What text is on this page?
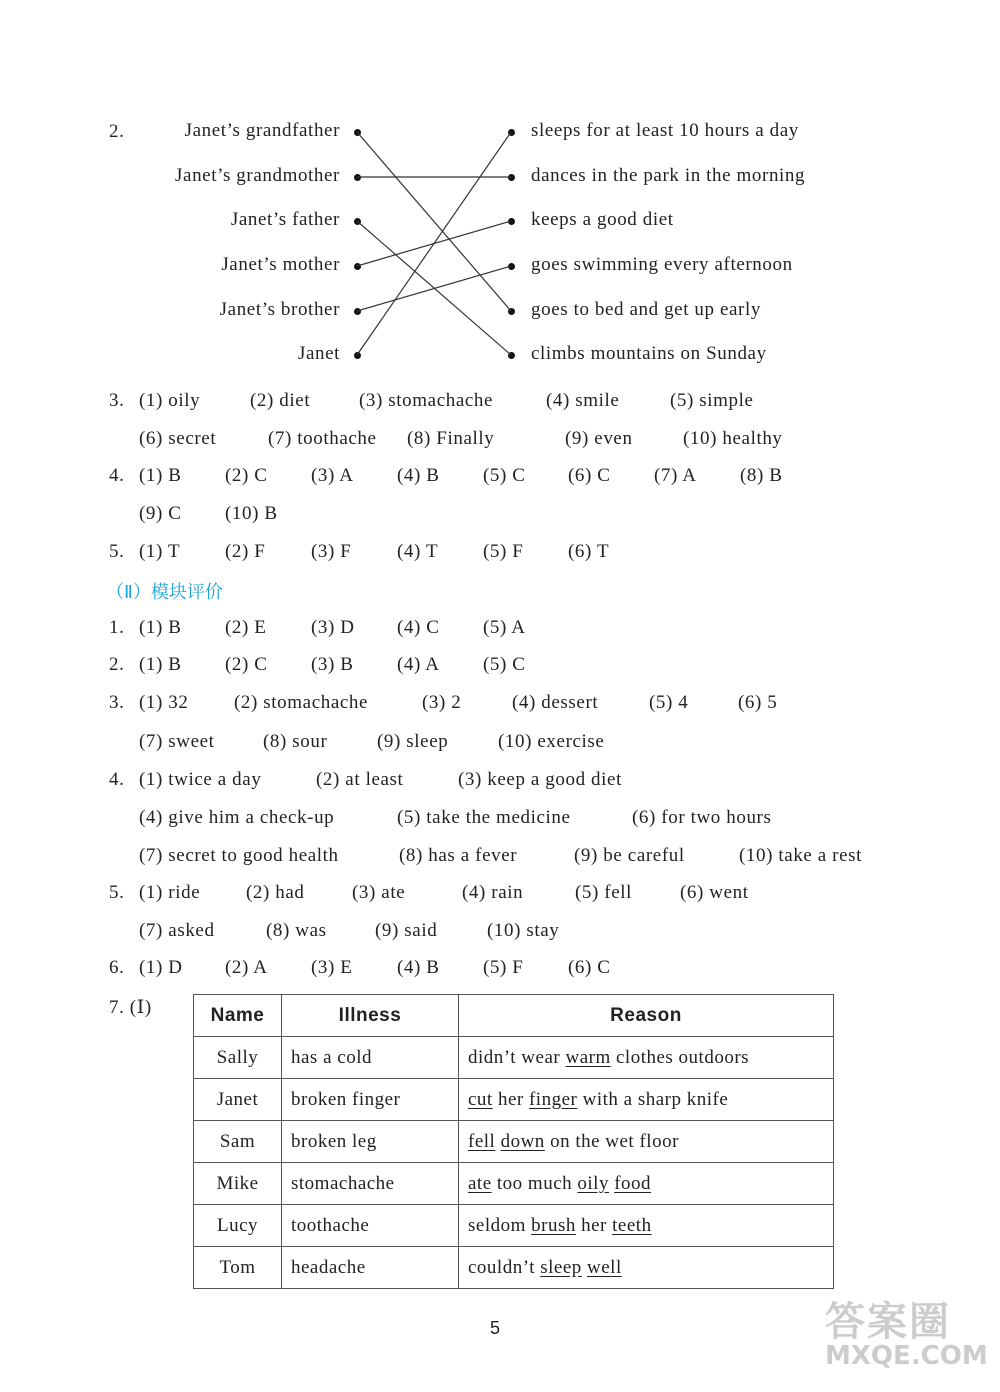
2.	Janet’s grandfather
Janet’s grandmother
Janet’s father
Janet’s mother
Janet’s brother
Janet
sleeps for at least 10 hours a day
dances in the park in the morning
keeps a good diet
goes swimming every afternoon
goes to bed and get up early
climbs mountains on Sunday
3. (1) oily	(2) diet	(3) stomachache	(4) smile	(5) simple
(6) secret	(7) toothache (8) Finally	(9) even	(10) healthy
4. (1) B (2) C (3) A (4) B (5) C (6) C (7) A (8) B
(9) C (10) B
5. (1) T (2) F (3) F (4) T (5) F (6) T
（Ⅱ）模块评价
1. (1) B (2) E (3) D (4) C (5) A
2. (1) B (2) C (3) B (4) A (5) C
3. (1) 32 (2) stomachache	(3) 2	(4) dessert	(5) 4	(6) 5
(7) sweet	(8) sour	(9) sleep	(10) exercise
4. (1) twice a day	(2) at least	(3) keep a good diet
(4) give him a check-up	(5) take the medicine	(6) for two hours
(7) secret to good health	(8) has a fever	(9) be careful	(10) take a rest
5. (1) ride (2) had (3) ate	(4) rain	(5) fell	(6) went
(7) asked	(8) was	(9) said	(10) stay
6. (1) D (2) A (3) E (4) B (5) F (6) C
7. (Ⅰ)	Name	Illness	Reason
Sally	has a cold	didn’t wear warm clothes outdoors
Janet	broken finger	cut her finger with a sharp knife
Sam	broken leg	fell down on the wet floor
Mike	stomachache	ate too much oily food
Lucy	toothache	seldom brush her teeth
Tom	headache	couldn’t sleep well
5	答案圈
MXQE.COM
